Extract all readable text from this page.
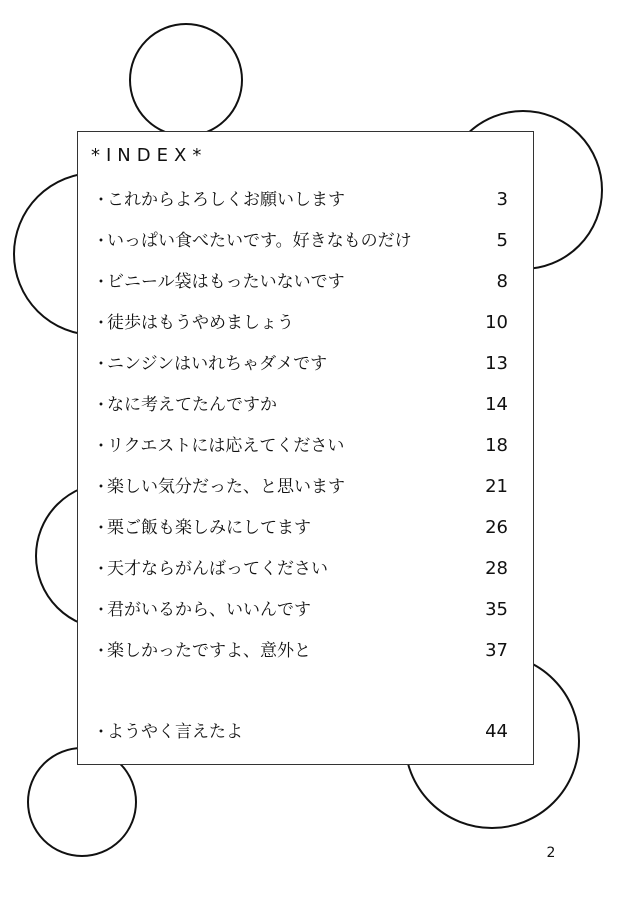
*INDEX*
・
これからよろしくお願いします	3
・
いっぱい食べたいです。好きなものだけ	5
・
ビニール袋はもったいないです	8
・
徒歩はもうやめましょう	10
・
ニンジンはいれちゃダメです	13
・
なに考えてたんですか	14
・
リクエストには応えてください	18
・
楽しい気分だった、と思います	21
・
栗ご飯も楽しみにしてます	26
・
天才ならがんばってください	28
・
君がいるから、いいんです	35
・
楽しかったですよ、意外と	37
・
ようやく言えたよ	44
2
